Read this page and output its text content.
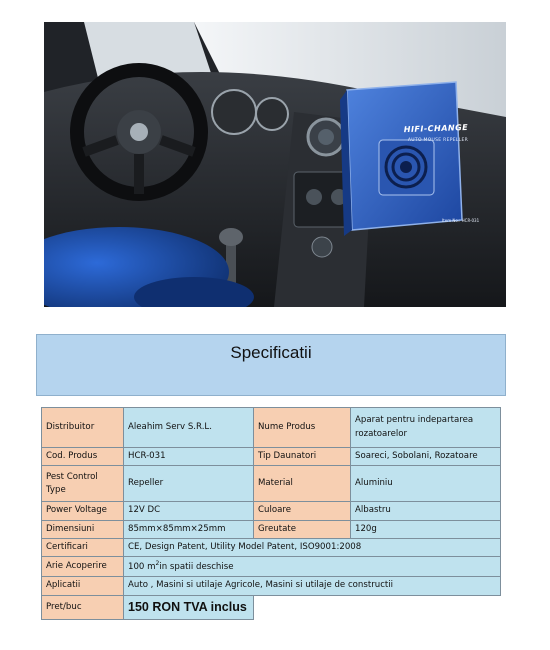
HIFI-CHANGE
AUTO MOUSE REPELLER
Item No.: HCR-031
Specificatii
Distribuitor	Aleahim Serv S.R.L.	Nume Produs	Aparat pentru indepartarea rozatoarelor
Cod. Produs	HCR-031	Tip Daunatori	Soareci, Sobolani, Rozatoare
Pest Control Type	Repeller	Material	Aluminiu
Power Voltage	12V DC	Culoare	Albastru
Dimensiuni	85mm×85mm×25mm	Greutate	120g
Certificari	CE, Design Patent, Utility Model Patent, ISO9001:2008		
Arie Acoperire	100 $m^2in$ spatii deschise		
Aplicatii	Auto , Masini si utilaje Agricole, Masini si utilaje de constructii		
Pret/buc	150 RON TVA inclus		
